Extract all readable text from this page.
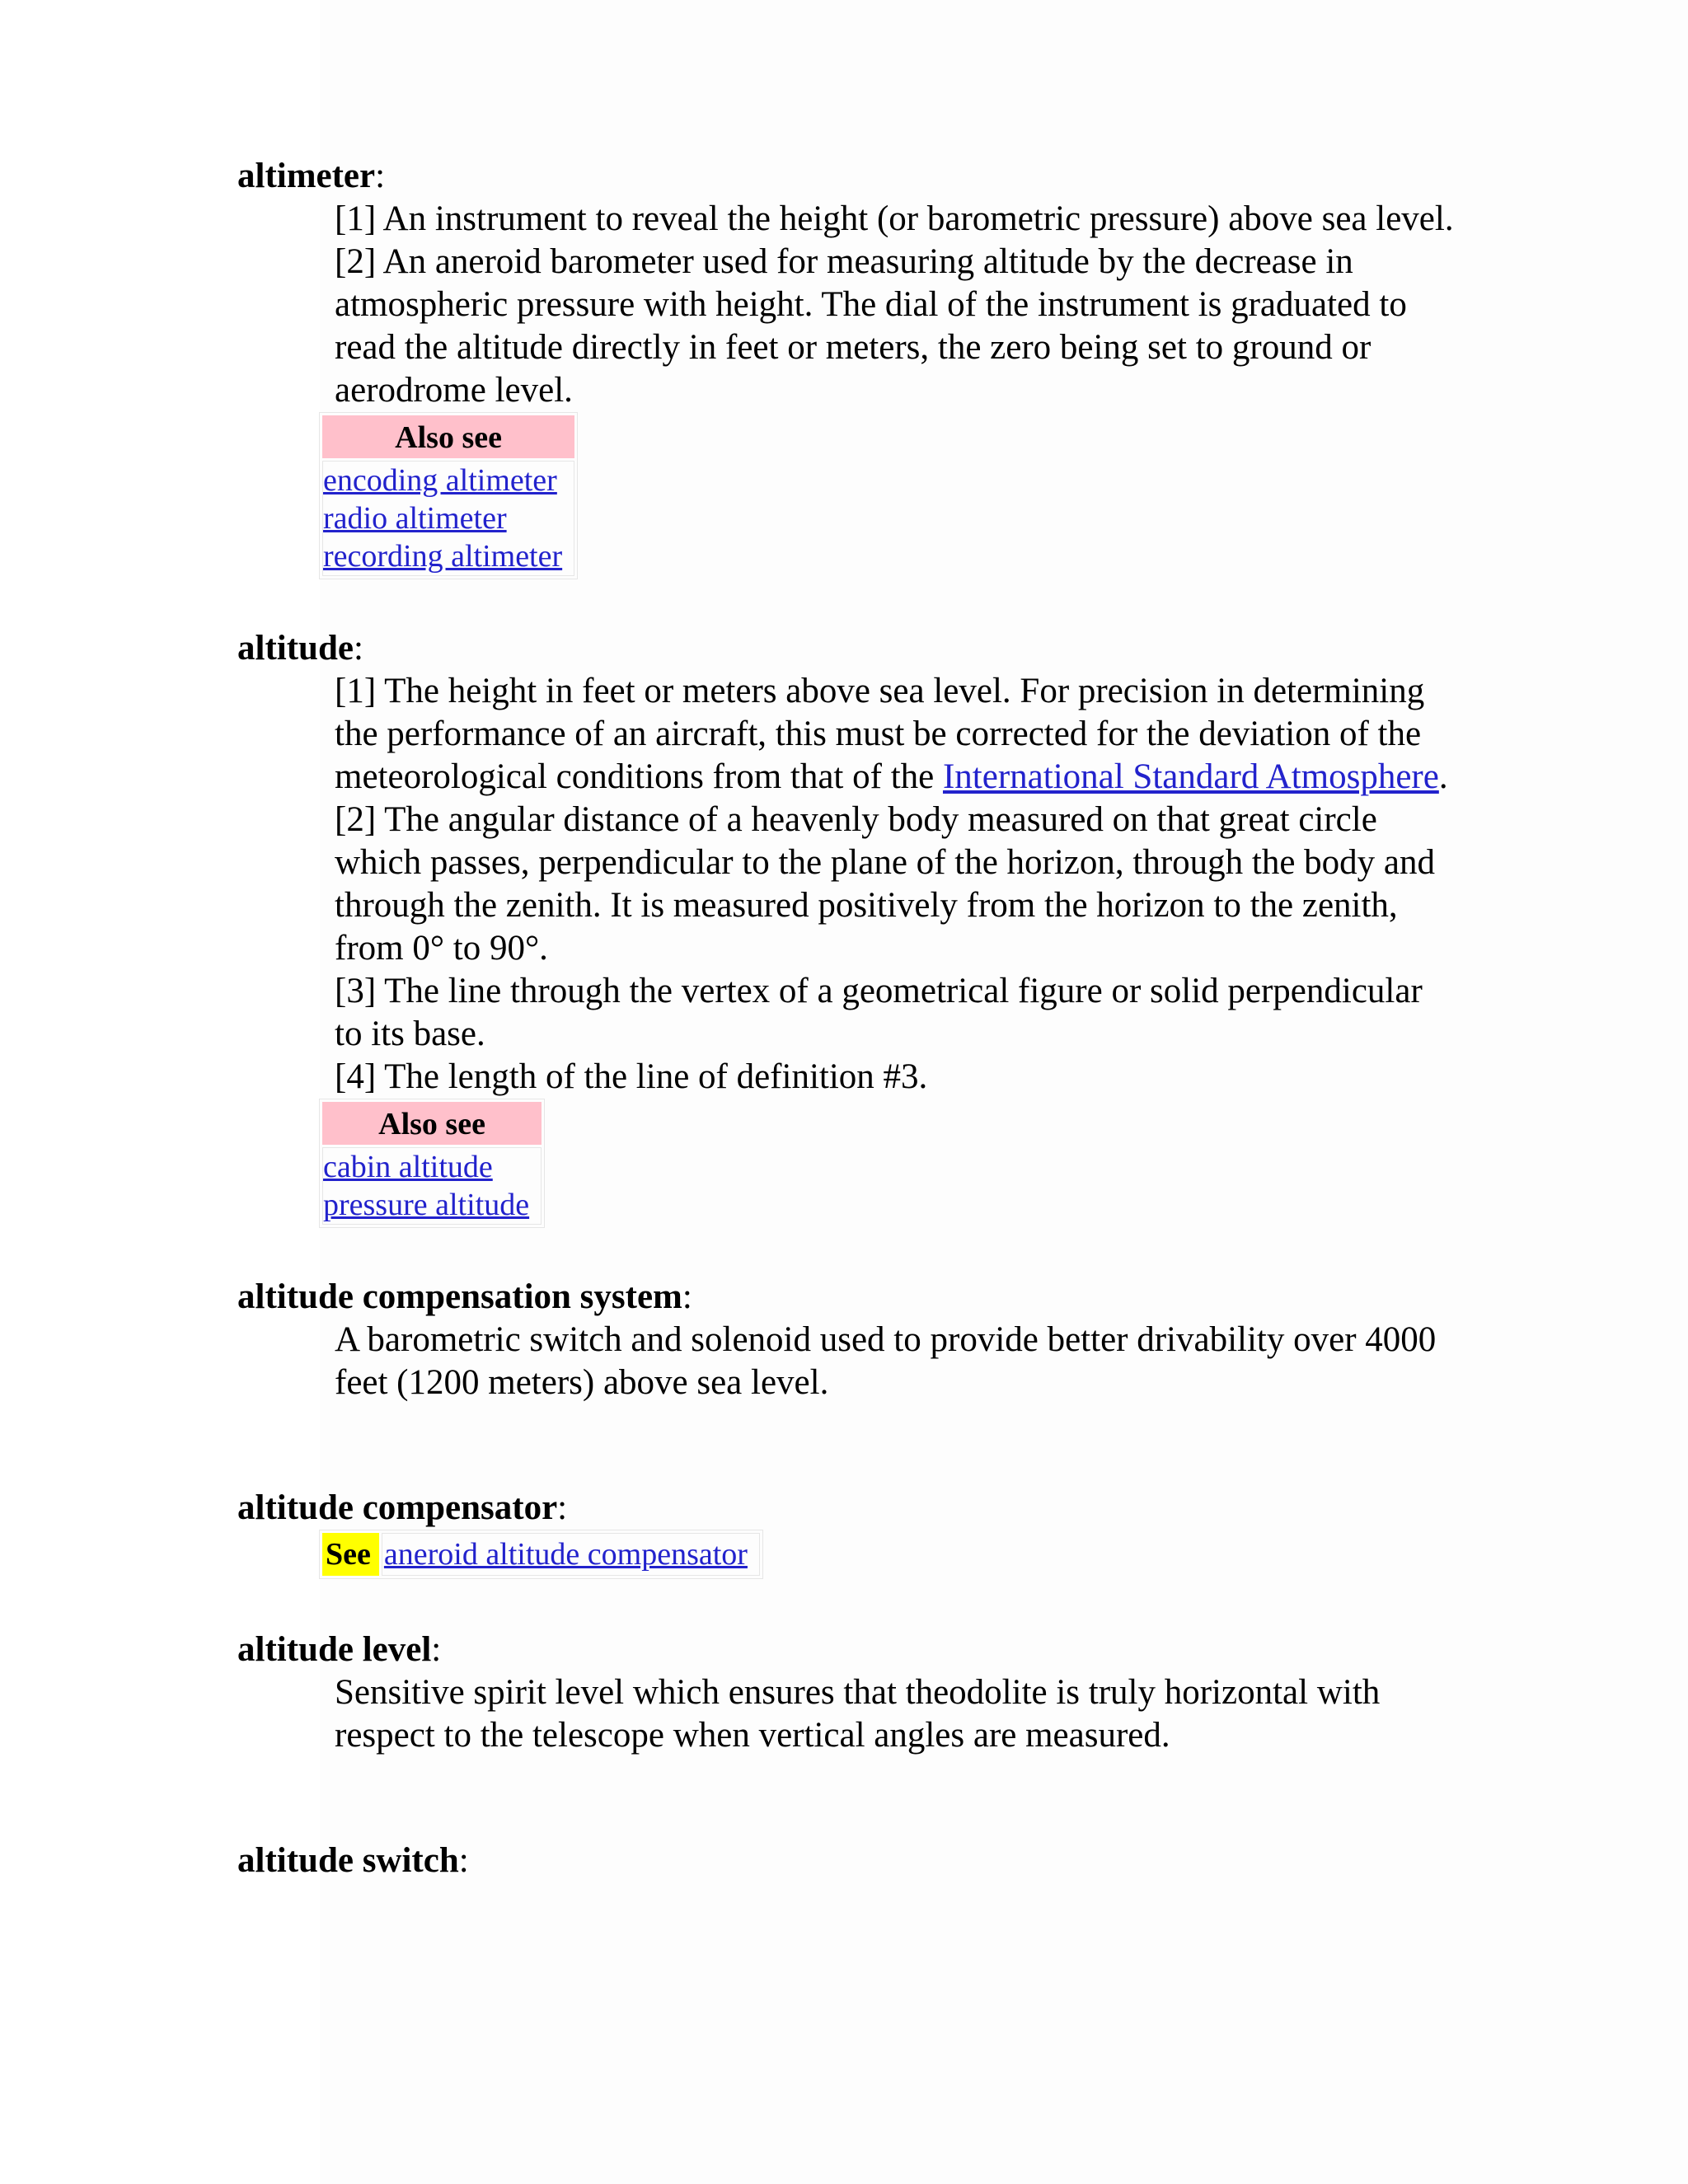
altimeter:

[1] An instrument to reveal the height (or barometric pressure) above sea level.
[2] An aneroid barometer used for measuring altitude by the decrease in atmospheric pressure with height. The dial of the instrument is graduated to read the altitude directly in feet or meters, the zero being set to ground or aerodrome level.
Also see
encoding altimeter
radio altimeter
recording altimeter

altitude:

[1] The height in feet or meters above sea level. For precision in determining the performance of an aircraft, this must be corrected for the deviation of the meteorological conditions from that of the International Standard Atmosphere.
[2] The angular distance of a heavenly body measured on that great circle which passes, perpendicular to the plane of the horizon, through the body and through the zenith. It is measured positively from the horizon to the zenith, from 0° to 90°.
[3] The line through the vertex of a geometrical figure or solid perpendicular to its base.
[4] The length of the line of definition #3.
Also see
cabin altitude
pressure altitude

altitude compensation system:

A barometric switch and solenoid used to provide better drivability over 4000 feet (1200 meters) above sea level.

altitude compensator:

See	aneroid altitude compensator

altitude level:

Sensitive spirit level which ensures that theodolite is truly horizontal with respect to the telescope when vertical angles are measured.

altitude switch:
